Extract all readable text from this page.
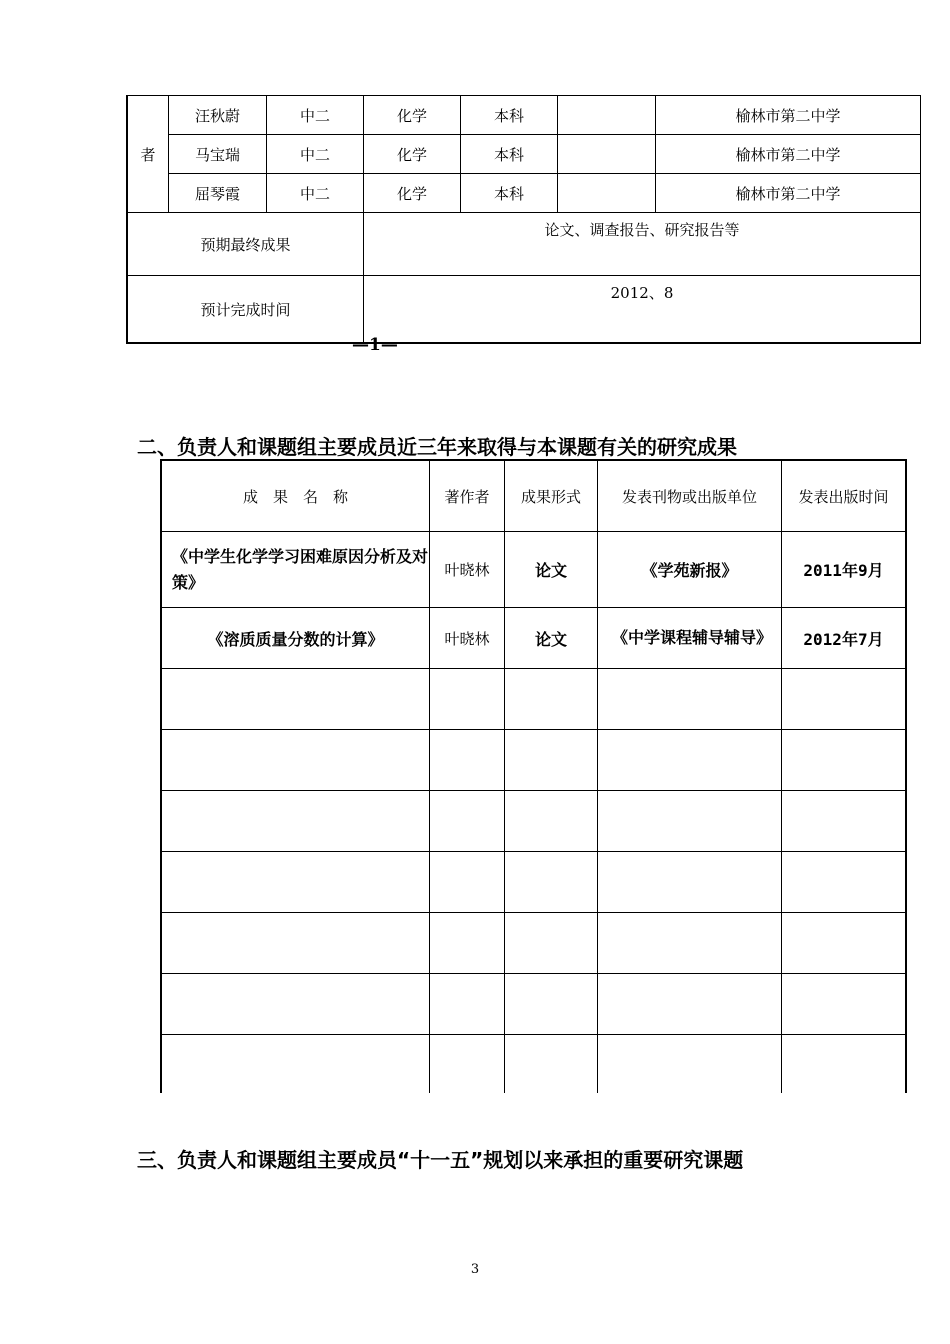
者	汪秋蔚	中二	化学	本科		榆林市第二中学
	马宝瑞	中二	化学	本科		榆林市第二中学
	屈琴霞	中二	化学	本科		榆林市第二中学
预期最终成果			论文、调查报告、研究报告等			
预计完成时间			2012、8			
—1—
二、负责人和课题组主要成员近三年来取得与本课题有关的研究成果
成　果　名　称	著作者	成果形式	发表刊物或出版单位	发表出版时间
《中学生化学学习困难原因分析及对策》	叶晓林	论文	《学苑新报》	2011年9月
《溶质质量分数的计算》	叶晓林	论文	《中学课程辅导辅导》	2012年7月

三、负责人和课题组主要成员“十一五”规划以来承担的重要研究课题
3
